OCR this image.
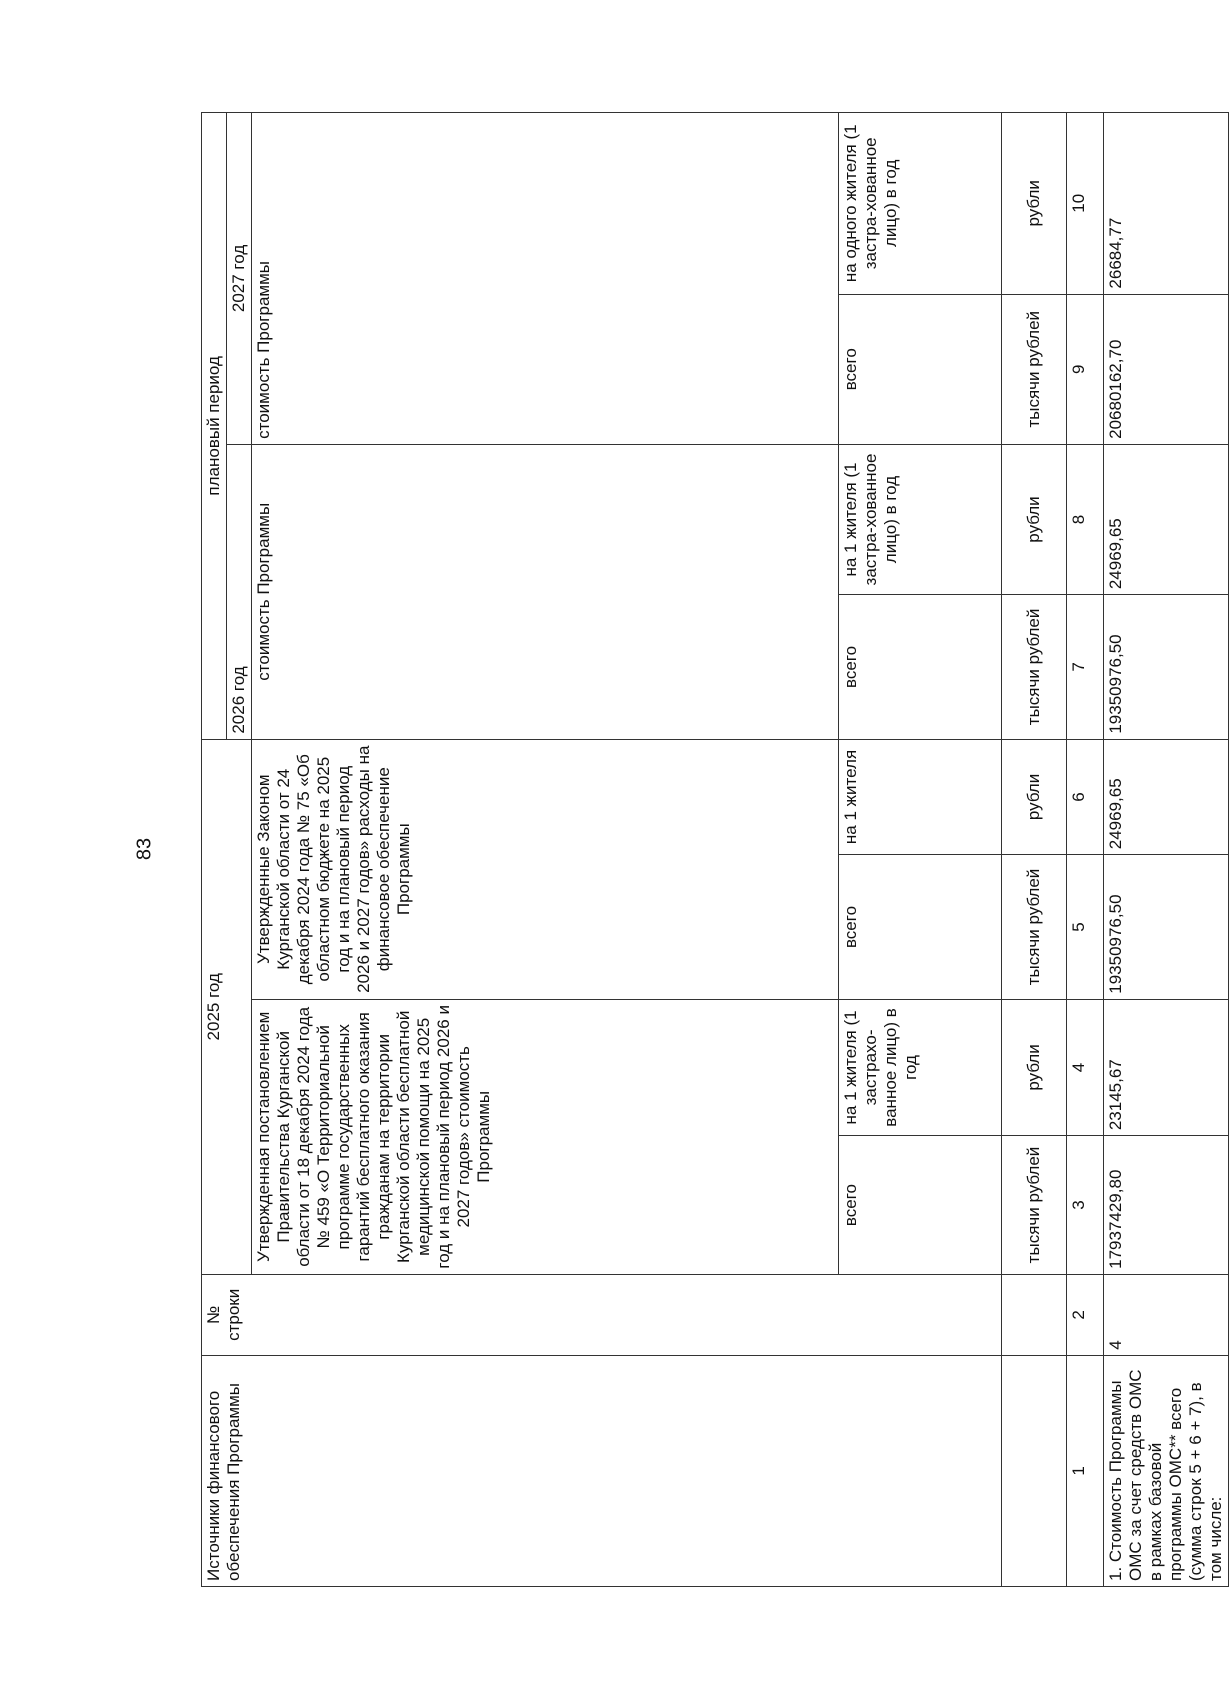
83
Источники финансового обеспечения Программы	№ строки	2025 год				плановый период			
						2026 год		2027 год	
		Утвержденная постановлением Правительства Курганской области от 18 декабря 2024 года № 459 «О Территориальной программе государственных гарантий бесплатного оказания гражданам на территории Курганской области бесплатной медицинской помощи на 2025 год и на плановый период 2026 и 2027 годов» стоимость Программы		Утвержденные Законом Курганской области от 24 декабря 2024 года № 75 «Об областном бюджете на 2025 год и на плановый период 2026 и 2027 годов» расходы на финансовое обеспечение Программы		стоимость Программы		стоимость Программы	
		всего	на 1 жителя (1 застрахо-ванное лицо) в год	всего	на 1 жителя	всего	на 1 жителя (1 застра-хованное лицо) в год	всего	на одного жителя (1 застра-хованное лицо) в год
		тысячи рублей	рубли	тысячи рублей	рубли	тысячи рублей	рубли	тысячи рублей	рубли
1	2	3	4	5	6	7	8	9	10
1. Стоимость Программы ОМС за счет средств ОМС в рамках базовой программы ОМС** всего (сумма строк 5 + 6 + 7), в том числе:	4	17937429,80	23145,67	19350976,50	24969,65	19350976,50	24969,65	20680162,70	26684,77
